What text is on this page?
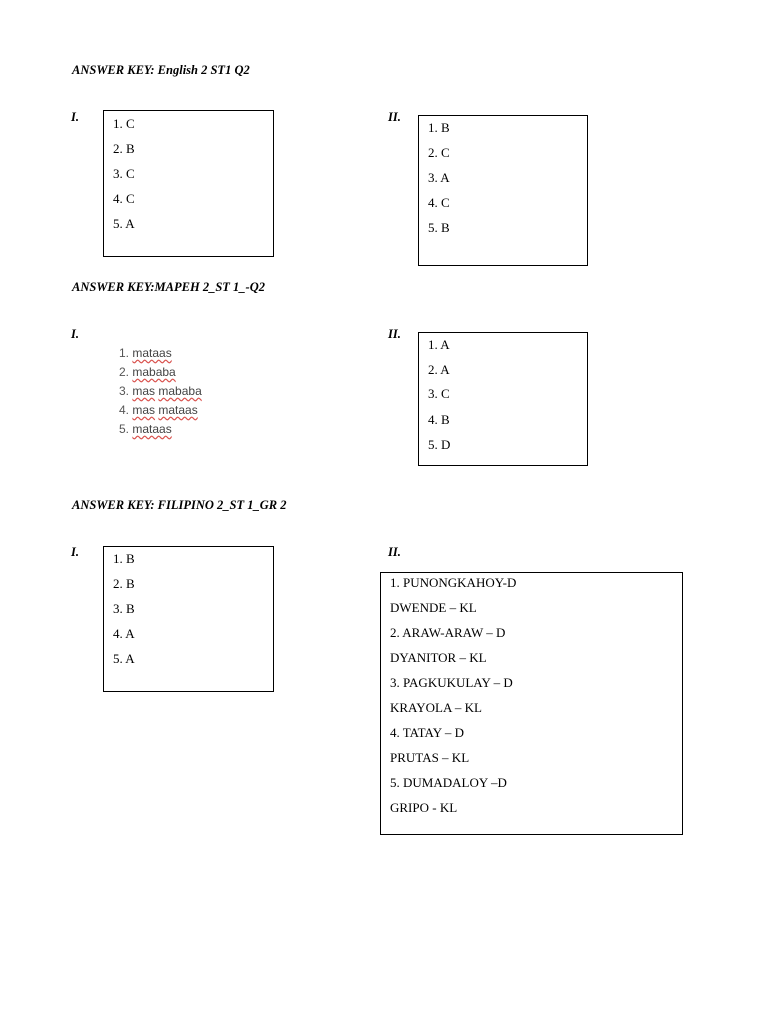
ANSWER KEY: English 2 ST1 Q2
I.	1. C
2. B
3. C
4. C
5. A
II.
1. B
2. C
3. A
4. C
5. B
ANSWER KEY:MAPEH 2_ST 1_-Q2
I.
1. mataas
2. mababa
3. mas mababa
4. mas mataas
5. mataas
II.
1. A
2. A
3. C
4. B
5. D
ANSWER KEY: FILIPINO 2_ST 1_GR 2
I.	1. B
2. B
3. B
4. A
5. A
II.
1. PUNONGKAHOY-D
DWENDE – KL
2. ARAW-ARAW – D
DYANITOR – KL
3. PAGKUKULAY – D
KRAYOLA – KL
4. TATAY – D
PRUTAS – KL
5. DUMADALOY –D
GRIPO - KL
